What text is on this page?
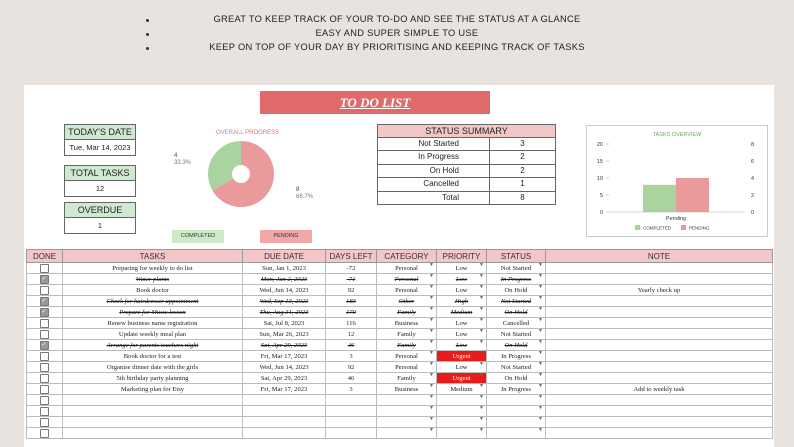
GREAT TO KEEP TRACK OF YOUR TO-DO AND SEE THE STATUS AT A GLANCE
EASY AND SUPER SIMPLE TO USE
KEEP ON TOP OF YOUR DAY BY PRIORITISING AND KEEPING TRACK OF TASKS
TO DO LIST
TODAY'S DATE
Tue, Mar 14, 2023
TOTAL TASKS
12
OVERDUE
1
OVERALL PROGRESS
4
33.3%
8
66.7%
COMPLETED	PENDING
STATUS SUMMARY
Not Started	3
In Progress	2
On Hold	2
Cancelled	1
Total	8
TASKS OVERVIEW
20
15
10
5
0
8
6
4
2
0
Pending
COMPLETED	PENDING
DONE	TASKS	DUE DATE	DAYS LEFT	CATEGORY	PRIORITY	STATUS	NOTE
	Preparing for weekly to do list	Sun, Jan 1, 2023	-72	Personal ▼	Low ▼	Not Started ▼	

✓	Water plants	Mon, Jan 2, 2023	-71	Personal ▼	Low ▼	In Progress ▼	

	Book doctor	Wed, Jun 14, 2023	92	Personal ▼	Low ▼	On Hold ▼	Yearly check up
✓	Check for hairdresser appointment	Wed, Sep 13, 2023	183	Other ▼	High ▼	Not Started ▼	

✓	Prepare for Music lesson	Thu, Aug 31, 2023	170	Family ▼	Medium ▼	On Hold ▼	

	Renew business name registration	Sat, Jul 8, 2023	116	Business ▼	Low ▼	Cancelled ▼	

	Update weekly meal plan	Sun, Mar 26, 2023	12	Family ▼	Low ▼	Not Started ▼	

✓	Arrange for parents teachers night	Sat, Apr 29, 2023	46	Family ▼	Low ▼	On Hold ▼	

	Book doctor for a test	Fri, Mar 17, 2023	3	Personal ▼	Urgent ▼	In Progress ▼	

	Organise dinner date with the girls	Wed, Jun 14, 2023	92	Personal ▼	Low ▼	Not Started ▼	

	5th birthday party planning	Sat, Apr 29, 2023	46	Family ▼	Urgent ▼	On Hold ▼	

	Marketing plan for Etsy	Fri, Mar 17, 2023	3	Business ▼	Medium ▼	In Progress ▼	Add to weekly task

				▼	▼	▼	

				▼	▼	▼	

				▼	▼	▼	

				▼	▼	▼	
